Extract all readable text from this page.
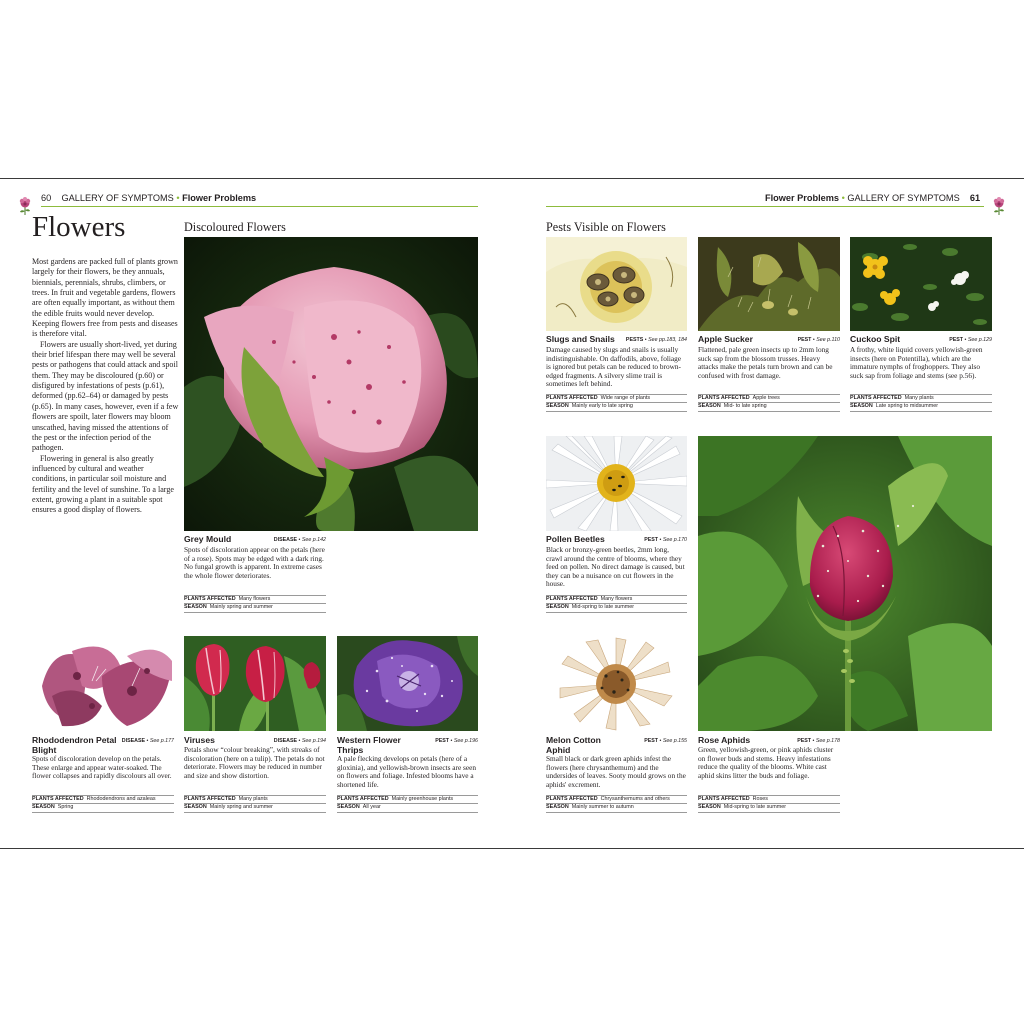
60 GALLERY OF SYMPTOMS • Flower Problems	Flower Problems • GALLERY OF SYMPTOMS 61
Flowers

Most gardens are packed full of plants grown largely for their flowers, be they annuals, biennials, perennials, shrubs, climbers, or trees. In fruit and vegetable gardens, flowers are often equally important, as without them the edible fruits would never develop. Keeping flowers free from pests and diseases is therefore vital.

Flowers are usually short-lived, yet during their brief lifespan there may well be several pests or pathogens that could attack and spoil them. They may be discoloured (p.60) or disfigured by infestations of pests (p.61), deformed (pp.62–64) or damaged by pests (p.65). In many cases, however, even if a few flowers are spoilt, later flowers may bloom unscathed, having missed the attentions of the pest or the infection period of the pathogen.

Flowering in general is also greatly influenced by cultural and weather conditions, in particular soil moisture and fertility and the level of sunshine. To a large extent, growing a plant in a suitable spot ensures a good display of flowers.

Discoloured Flowers
Grey Mould	DISEASE • See p.142
Spots of discoloration appear on the petals (here of a rose). Spots may be edged with a dark ring. No fungal growth is apparent. In extreme cases the whole flower deteriorates.
PLANTS AFFECTED Many flowers
SEASON Mainly spring and summer
Rhododendron Petal Blight
DISEASE • See p.177
Spots of discoloration develop on the petals. These enlarge and appear water-soaked. The flower collapses and rapidly discolours all over.
PLANTS AFFECTED Rhododendrons and azaleas
SEASON Spring
Viruses	DISEASE • See p.194
Petals show “colour breaking”, with streaks of discoloration (here on a tulip). The petals do not deteriorate. Flowers may be reduced in number and size and show distortion.
PLANTS AFFECTED Many plants
SEASON Mainly spring and summer
Western Flower Thrips
PEST • See p.196
A pale flecking develops on petals (here of a gloxinia), and yellowish-brown insects are seen on flowers and foliage. Infested blooms have a shortened life.
PLANTS AFFECTED Mainly greenhouse plants
SEASON All year
Pests Visible on Flowers
Slugs and Snails	PESTS • See pp.183, 184
Damage caused by slugs and snails is usually indistinguishable. On daffodils, above, foliage is ignored but petals can be reduced to brown-edged fragments. A silvery slime trail is sometimes left behind.
PLANTS AFFECTED Wide range of plants
SEASON Mainly early to late spring
Apple Sucker	PEST • See p.110
Flattened, pale green insects up to 2mm long suck sap from the blossom trusses. Heavy attacks make the petals turn brown and can be confused with frost damage.
PLANTS AFFECTED Apple trees
SEASON Mid- to late spring
Cuckoo Spit	PEST • See p.129
A frothy, white liquid covers yellowish-green insects (here on Potentilla), which are the immature nymphs of froghoppers. They also suck sap from foliage and stems (see p.56).
PLANTS AFFECTED Many plants
SEASON Late spring to midsummer
Pollen Beetles	PEST • See p.170
Black or bronzy-green beetles, 2mm long, crawl around the centre of blooms, where they feed on pollen. No direct damage is caused, but they can be a nuisance on cut flowers in the house.
PLANTS AFFECTED Many flowers
SEASON Mid-spring to late summer
Melon Cotton Aphid
PEST • See p.155
Small black or dark green aphids infest the flowers (here chrysanthemum) and the undersides of leaves. Sooty mould grows on the aphids' excrement.
PLANTS AFFECTED Chrysanthemums and others
SEASON Mainly summer to autumn
Rose Aphids	PEST • See p.178
Green, yellowish-green, or pink aphids cluster on flower buds and stems. Heavy infestations reduce the quality of the blooms. White cast aphid skins litter the buds and foliage.
PLANTS AFFECTED Roses
SEASON Mid-spring to late summer
